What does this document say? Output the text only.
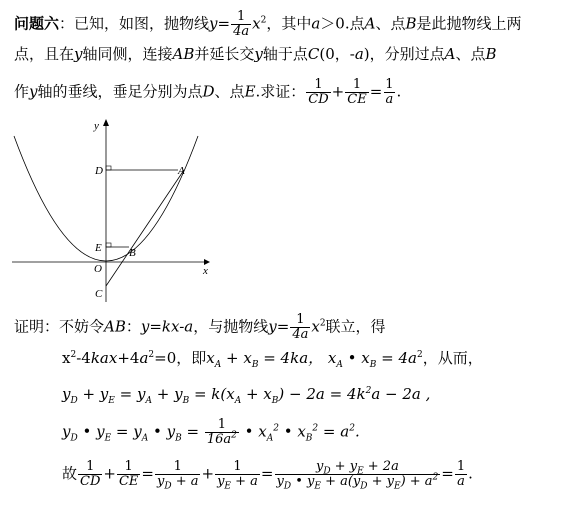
问题六：已知，如图，抛物线$y= \frac{1}{4a} x^2$，其中a＞0.点A、点B是此抛物线上两
点，且在y轴同侧，连接AB并延长交y轴于点C(0，-a)，分别过点A、点B
作y轴的垂线，垂足分别为点D、点E.求证： $\frac{1}{CD} + \frac{1}{CE} = \frac{1}{a}$ .
y
x
D	A
E B
O
C
证明：不妨令AB：y=kx-a，与抛物线$y= \frac{1}{4a} x^2$联立，得
$x^2-4kax+4a^2=0$，即$x_A + x_B = 4ka$， $x_A$ • $x_B = 4a^2$，从而，
$y_D + y_E = y_A + y_B = k(x_A + x_B) - 2a = 4k^2a - 2a$ ,
$y_D$ • $y_E = y_A$ • $y_B = \frac{1}{16a^2}$ • $x_A^2$ • $x_B^2 = a^2$.
故 $\frac{1}{CD} + \frac{1}{CE} = \frac{1}{y_D + a} + \frac{1}{y_E + a} = \frac{y_D + y_E + 2a}{y_D • y_E + a(y_D + y_E) + a^2} = \frac{1}{a}$ .
